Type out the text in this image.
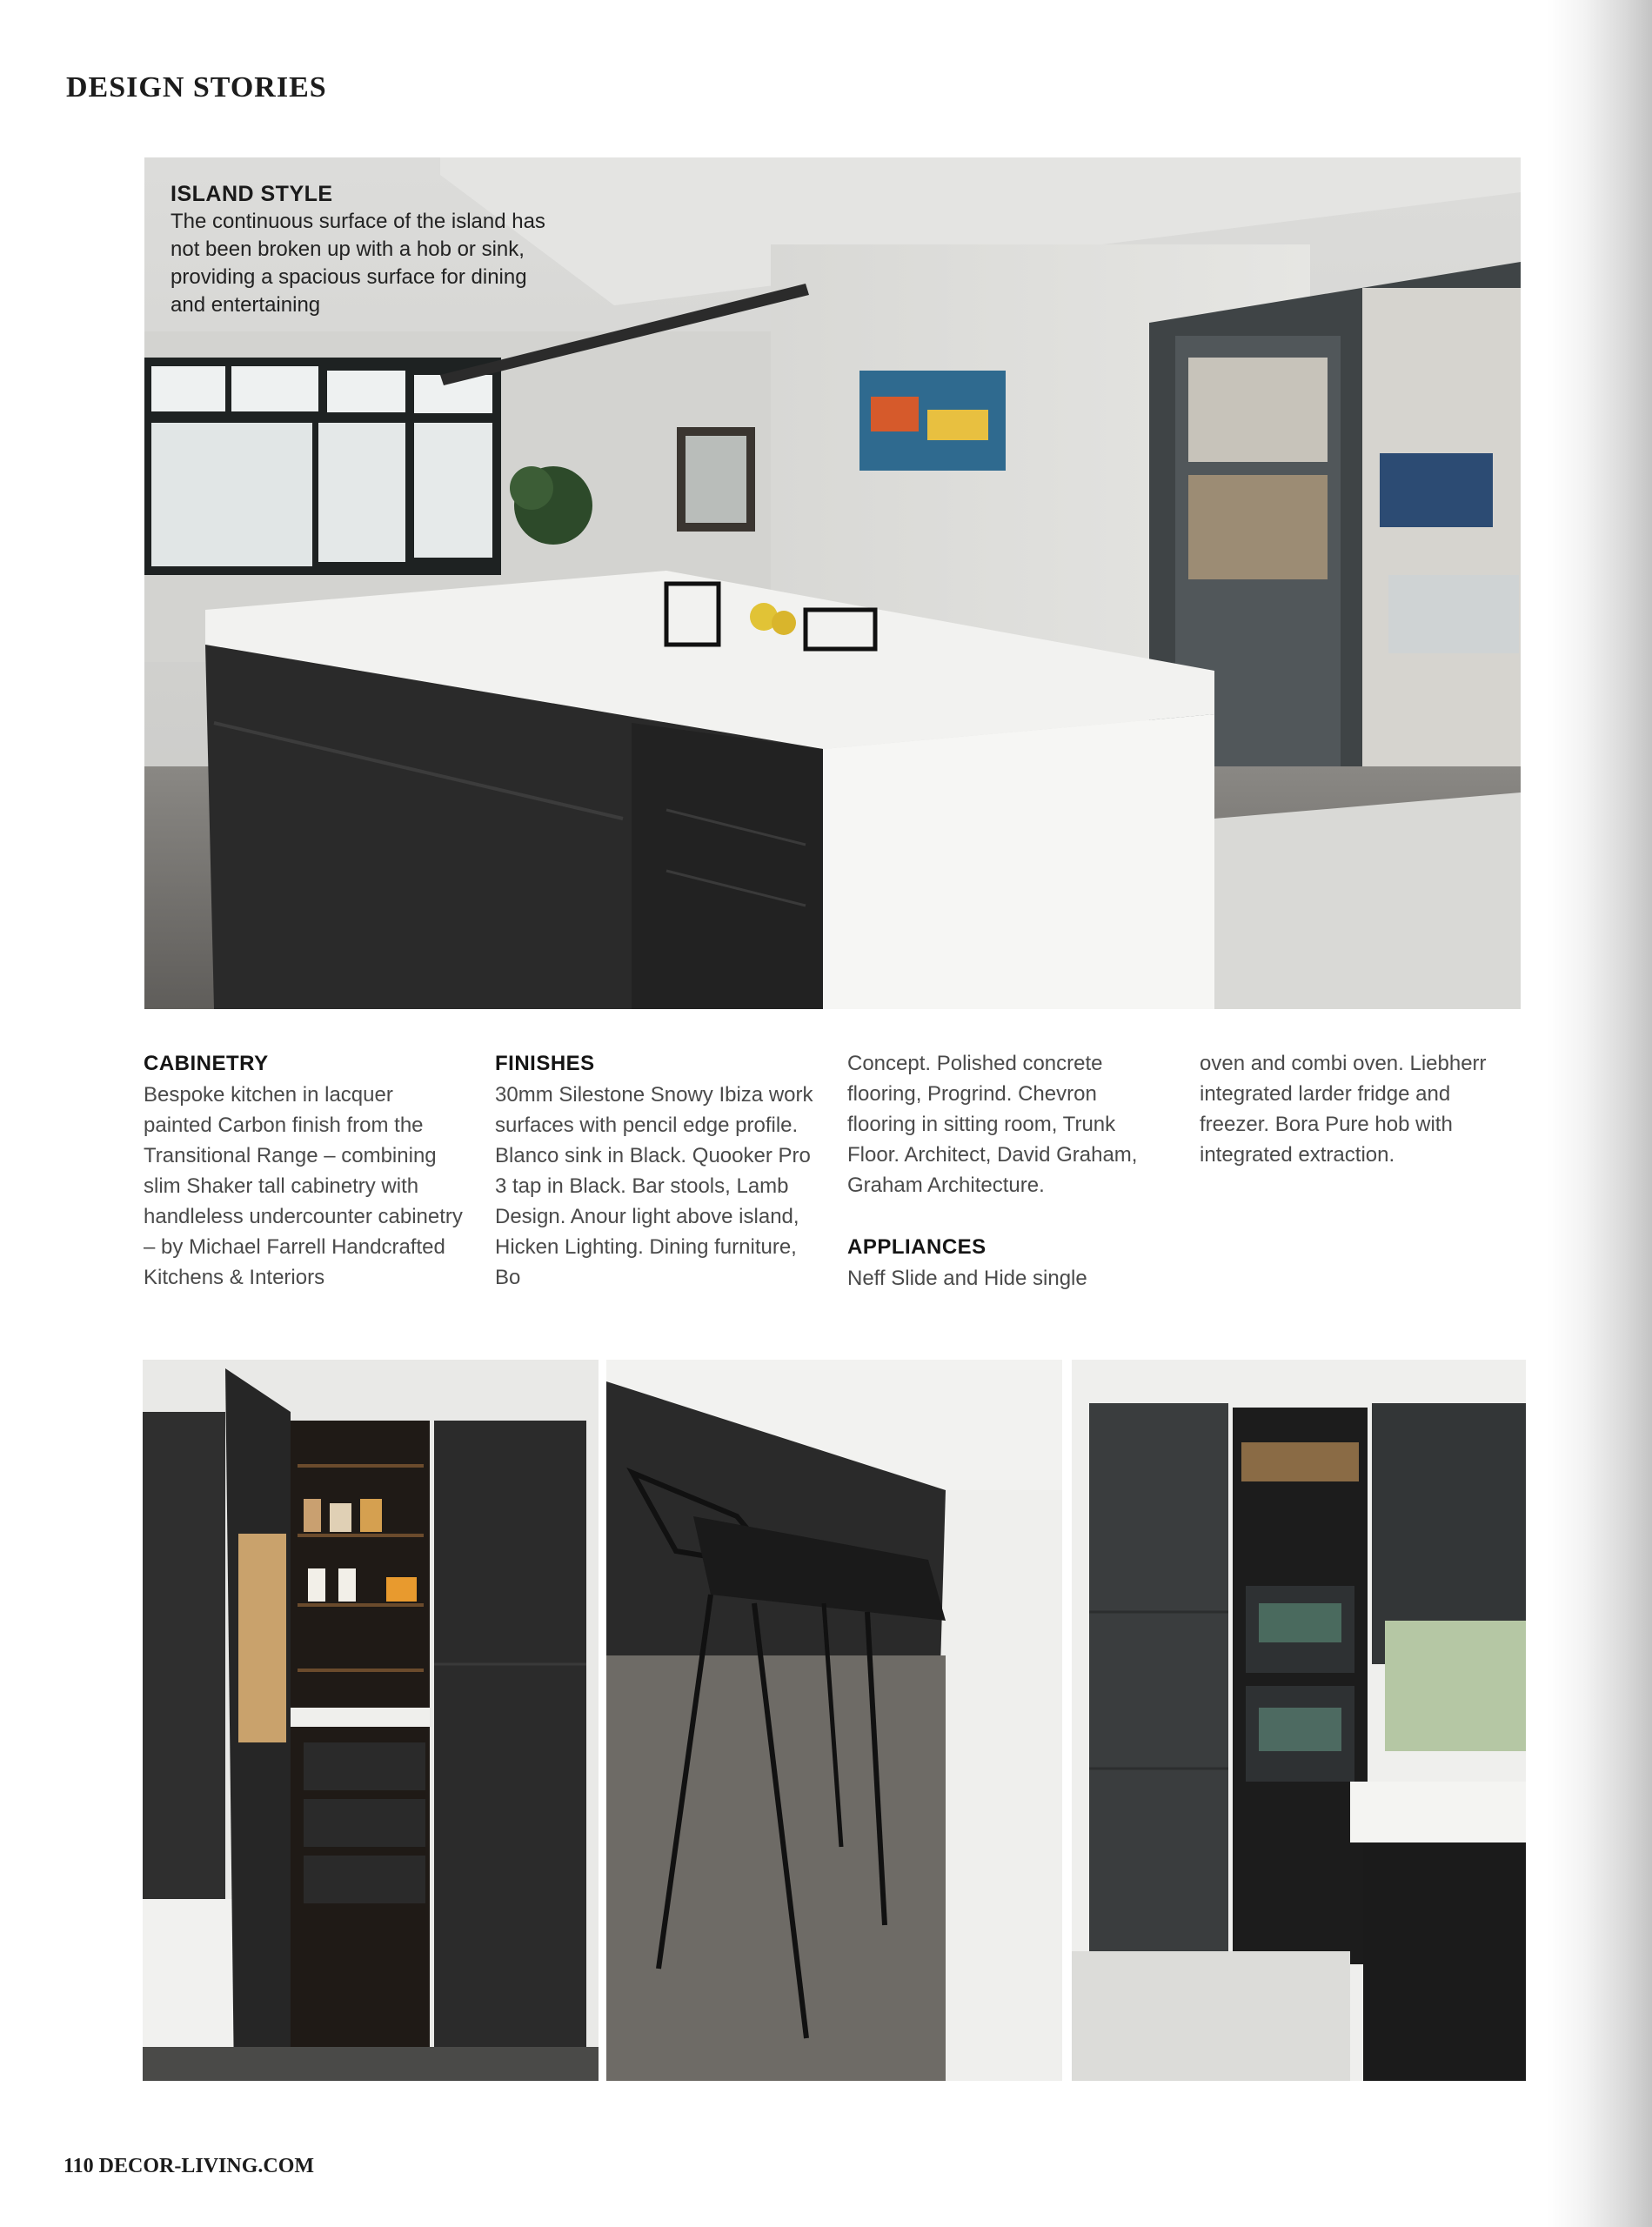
DESIGN STORIES
ISLAND STYLE

The continuous surface of the island has not been broken up with a hob or sink, providing a spacious surface for dining and entertaining

CABINETRY

Bespoke kitchen in lacquer painted Carbon finish from the Transitional Range – combining slim Shaker tall cabinetry with handleless undercounter cabinetry – by Michael Farrell Handcrafted Kitchens & Interiors

FINISHES

30mm Silestone Snowy Ibiza work surfaces with pencil edge profile. Blanco sink in Black. Quooker Pro 3 tap in Black. Bar stools, Lamb Design. Anour light above island, Hicken Lighting. Dining furniture, Bo

Concept. Polished concrete flooring, Progrind. Chevron flooring in sitting room, Trunk Floor. Architect, David Graham, Graham Architecture.

APPLIANCES

Neff Slide and Hide single

oven and combi oven. Liebherr integrated larder fridge and freezer. Bora Pure hob with integrated extraction.

110 DECOR-LIVING.COM
